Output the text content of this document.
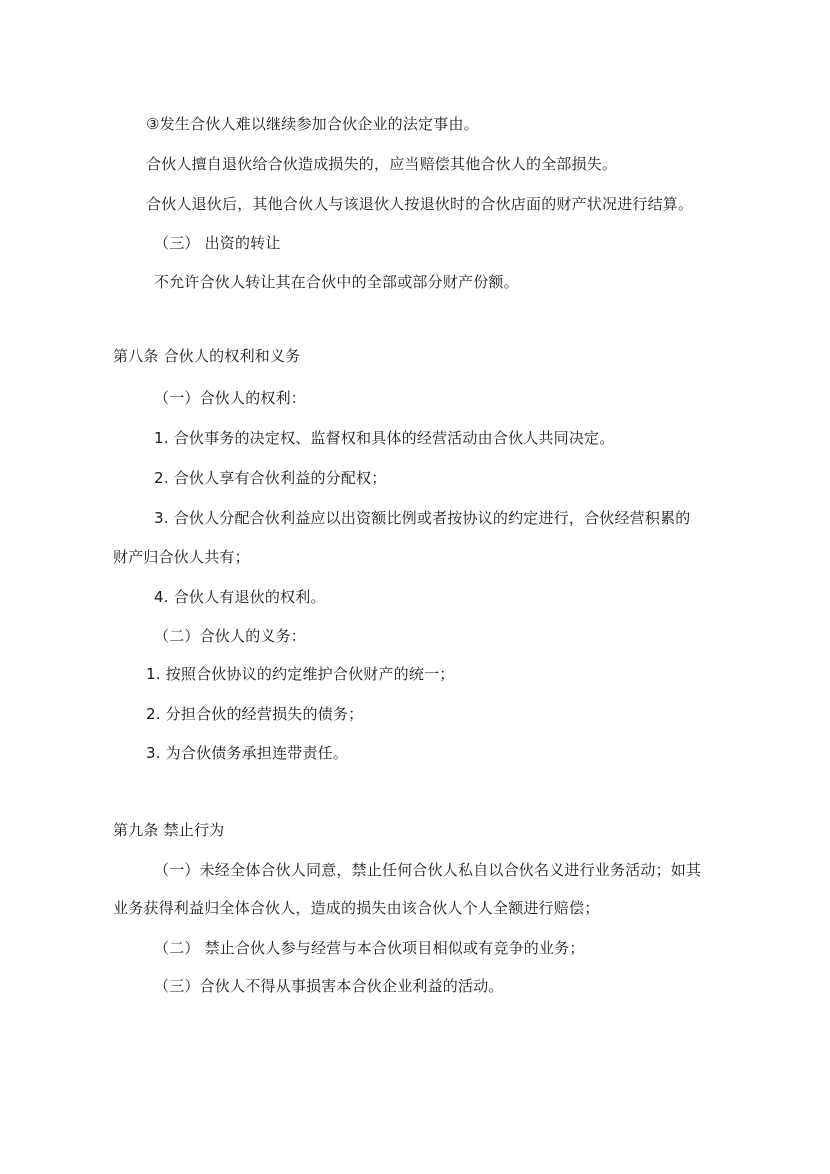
③发生合伙人难以继续参加合伙企业的法定事由。
合伙人擅自退伙给合伙造成损失的，应当赔偿其他合伙人的全部损失。
合伙人退伙后，其他合伙人与该退伙人按退伙时的合伙店面的财产状况进行结算。
（三） 出资的转让
不允许合伙人转让其在合伙中的全部或部分财产份额。
第八条 合伙人的权利和义务
（一）合伙人的权利：
1. 合伙事务的决定权、监督权和具体的经营活动由合伙人共同决定。
2. 合伙人享有合伙利益的分配权；
3. 合伙人分配合伙利益应以出资额比例或者按协议的约定进行，合伙经营积累的
财产归合伙人共有；
4. 合伙人有退伙的权利。
（二）合伙人的义务：
1. 按照合伙协议的约定维护合伙财产的统一；
2. 分担合伙的经营损失的债务；
3. 为合伙债务承担连带责任。
第九条 禁止行为
（一）未经全体合伙人同意，禁止任何合伙人私自以合伙名义进行业务活动；如其
业务获得利益归全体合伙人，造成的损失由该合伙人个人全额进行赔偿；
（二） 禁止合伙人参与经营与本合伙项目相似或有竞争的业务；
（三）合伙人不得从事损害本合伙企业利益的活动。
